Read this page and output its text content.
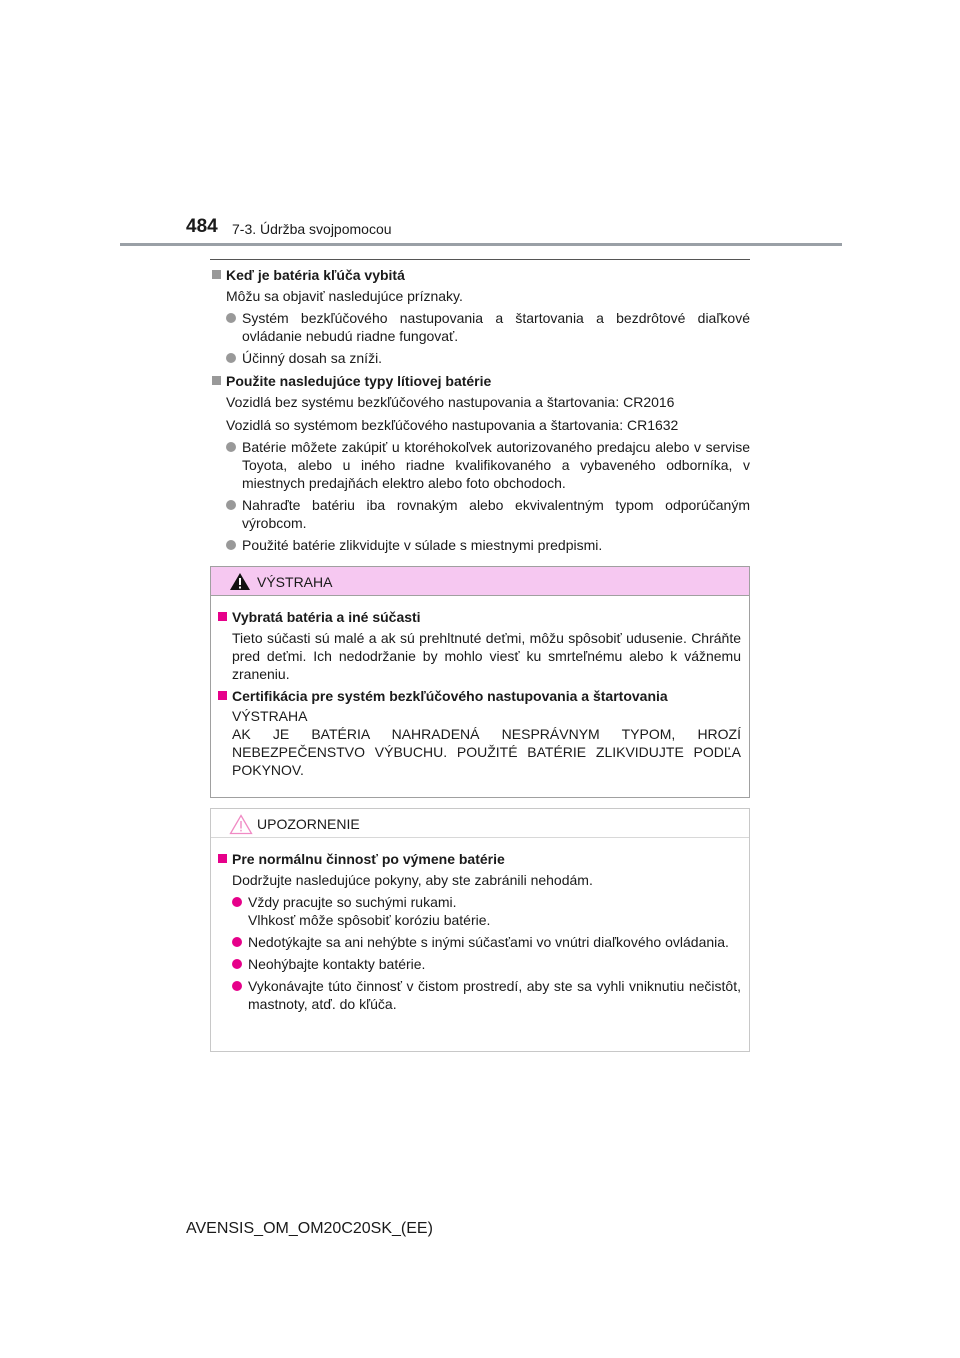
484 7-3. Údržba svojpomocou
Keď je batéria kľúča vybitá
Môžu sa objaviť nasledujúce príznaky.
Systém bezkľúčového nastupovania a štartovania a bezdrôtové diaľkové ovládanie nebudú riadne fungovať.
Účinný dosah sa zníži.
Použite nasledujúce typy lítiovej batérie
Vozidlá bez systému bezkľúčového nastupovania a štartovania: CR2016
Vozidlá so systémom bezkľúčového nastupovania a štartovania: CR1632
Batérie môžete zakúpiť u ktoréhokoľvek autorizovaného predajcu alebo v servise Toyota, alebo u iného riadne kvalifikovaného a vybaveného odborníka, v miestnych predajňách elektro alebo foto obchodoch.
Nahraďte batériu iba rovnakým alebo ekvivalentným typom odporúčaným výrobcom.
Použité batérie zlikvidujte v súlade s miestnymi predpismi.
VÝSTRAHA
Vybratá batéria a iné súčasti
Tieto súčasti sú malé a ak sú prehltnuté deťmi, môžu spôsobiť udusenie. Chráňte pred deťmi. Ich nedodržanie by mohlo viesť ku smrteľnému alebo k vážnemu zraneniu.
Certifikácia pre systém bezkľúčového nastupovania a štartovania
VÝSTRAHA
AK JE BATÉRIA NAHRADENÁ NESPRÁVNYM TYPOM, HROZÍ NEBEZPEČENSTVO VÝBUCHU. POUŽITÉ BATÉRIE ZLIKVIDUJTE PODĽA POKYNOV.
UPOZORNENIE
Pre normálnu činnosť po výmene batérie
Dodržujte nasledujúce pokyny, aby ste zabránili nehodám.
Vždy pracujte so suchými rukami.
Vlhkosť môže spôsobiť koróziu batérie.
Nedotýkajte sa ani nehýbte s inými súčasťami vo vnútri diaľkového ovládania.
Neohýbajte kontakty batérie.
Vykonávajte túto činnosť v čistom prostredí, aby ste sa vyhli vniknutiu nečistôt, mastnoty, atď. do kľúča.
AVENSIS_OM_OM20C20SK_(EE)
